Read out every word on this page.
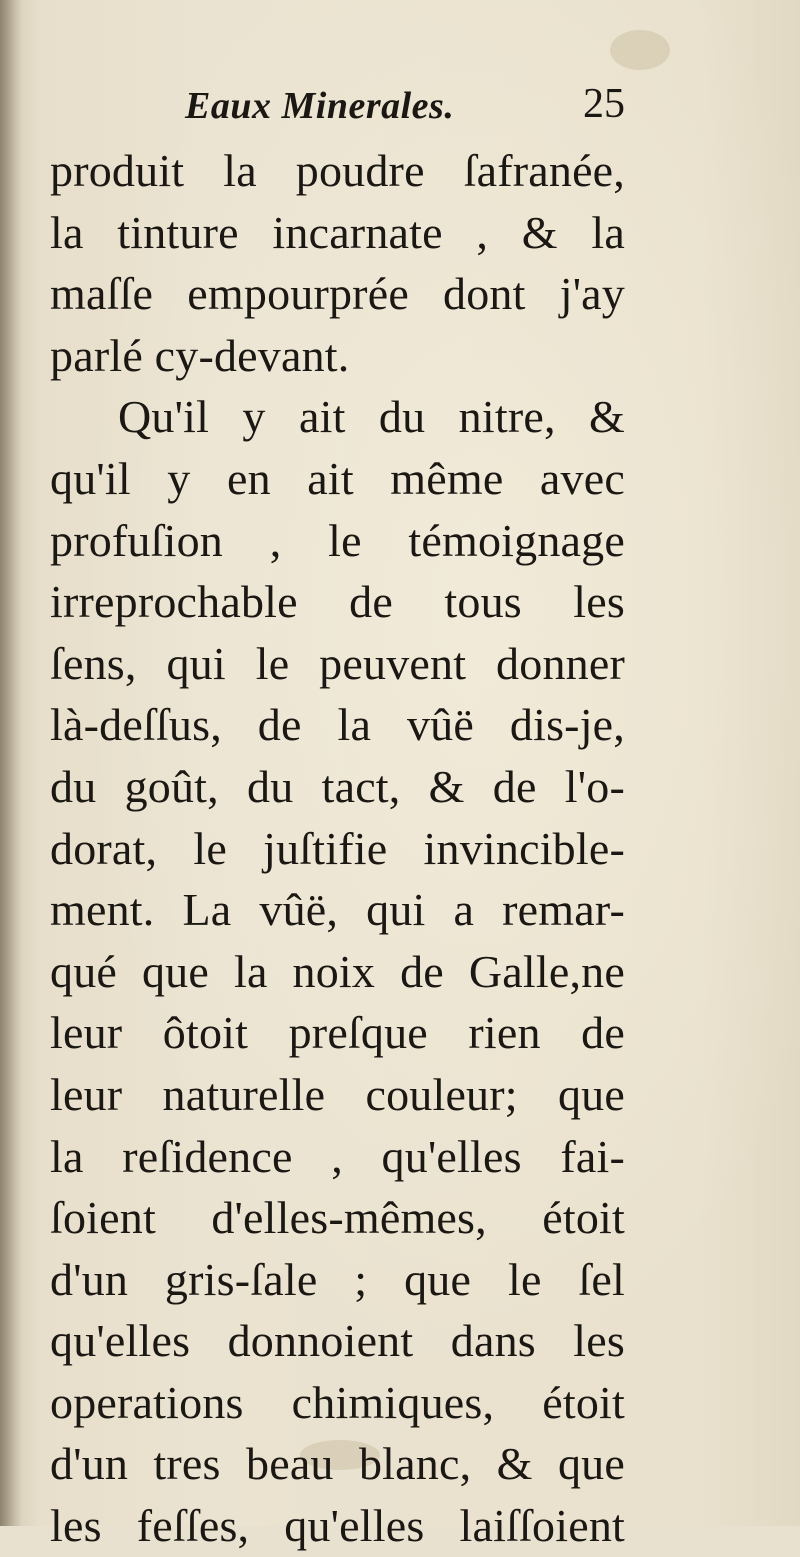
Eaux Minerales.	25
produit la poudre ſafranée,
la tinture incarnate , & la
maſſe empourprée dont j'ay
parlé cy-devant.
Qu'il y ait du nitre, &
qu'il y en ait même avec
profuſion , le témoignage
irreprochable de tous les
ſens, qui le peuvent donner
là-deſſus, de la vûë dis-je,
du goût, du tact, & de l'o-
dorat, le juſtifie invincible-
ment. La vûë, qui a remar-
qué que la noix de Galle,ne
leur ôtoit preſque rien de
leur naturelle couleur; que
la reſidence , qu'elles fai-
ſoient d'elles-mêmes, étoit
d'un gris-ſale ; que le ſel
qu'elles donnoient dans les
operations chimiques, étoit
d'un tres beau blanc, & que
les feſſes, qu'elles laiſſoient
